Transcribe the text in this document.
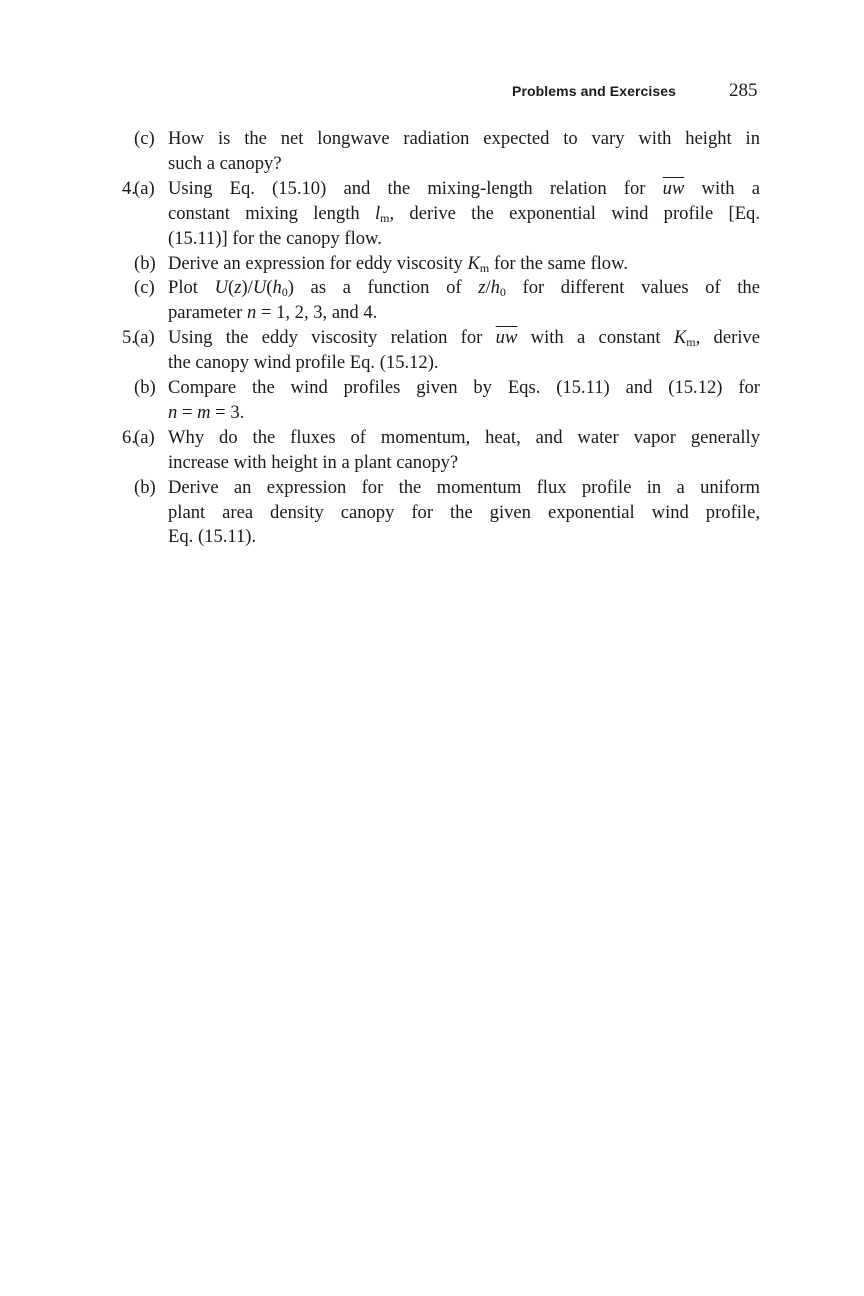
Problems and Exercises	285
(c) How is the net longwave radiation expected to vary with height in
such a canopy?
4.
(a) Using Eq. (15.10) and the mixing-length relation for $\overline{uw}$ with a
constant mixing length $l_m$, derive the exponential wind profile [Eq.
(15.11)] for the canopy flow.
(b) Derive an expression for eddy viscosity $K_m$ for the same flow.
(c) Plot $U(z)/U(h_0)$ as a function of $z/h_0$ for different values of the
parameter n = 1, 2, 3, and 4.
5.
(a) Using the eddy viscosity relation for $\overline{uw}$ with a constant $K_m$, derive
the canopy wind profile Eq. (15.12).
(b) Compare the wind profiles given by Eqs. (15.11) and (15.12) for
n = m = 3.
6.
(a) Why do the fluxes of momentum, heat, and water vapor generally
increase with height in a plant canopy?
(b) Derive an expression for the momentum flux profile in a uniform
plant area density canopy for the given exponential wind profile,
Eq. (15.11).
